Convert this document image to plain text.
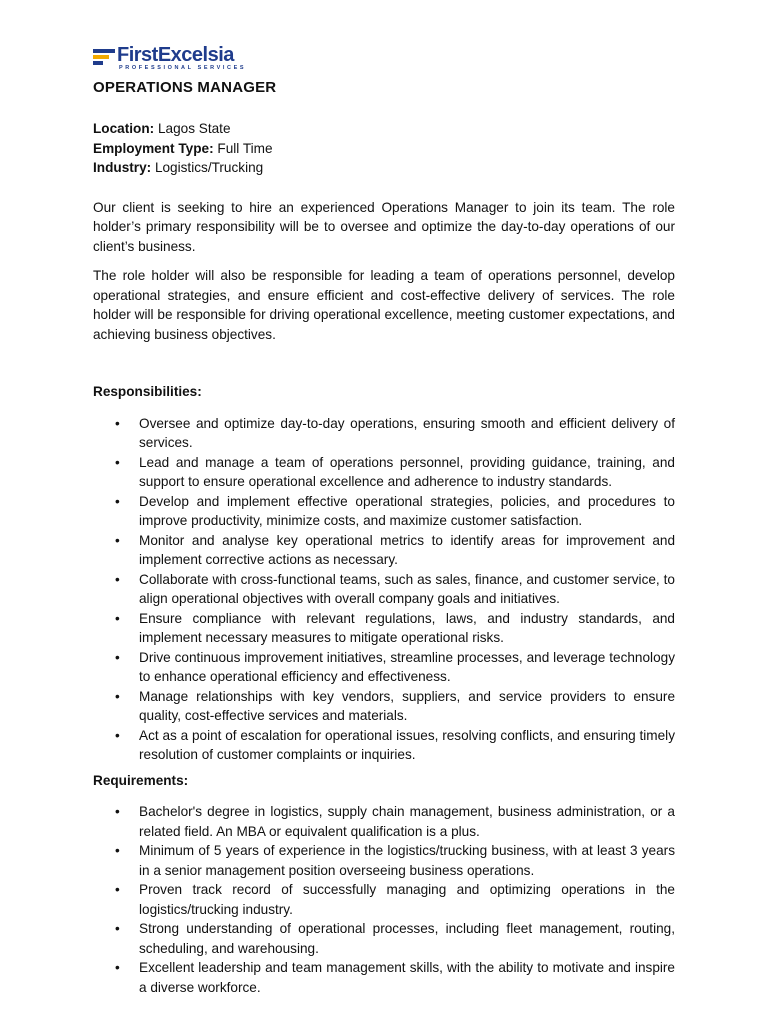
FirstExcelsia
PROFESSIONAL SERVICES
OPERATIONS MANAGER
Location: Lagos State
Employment Type: Full Time
Industry: Logistics/Trucking

Our client is seeking to hire an experienced Operations Manager to join its team. The role holder’s primary responsibility will be to oversee and optimize the day-to-day operations of our client’s business.

The role holder will also be responsible for leading a team of operations personnel, develop operational strategies, and ensure efficient and cost-effective delivery of services. The role holder will be responsible for driving operational excellence, meeting customer expectations, and achieving business objectives.

Responsibilities:
• Oversee and optimize day-to-day operations, ensuring smooth and efficient delivery of services.
• Lead and manage a team of operations personnel, providing guidance, training, and support to ensure operational excellence and adherence to industry standards.
• Develop and implement effective operational strategies, policies, and procedures to improve productivity, minimize costs, and maximize customer satisfaction.
• Monitor and analyse key operational metrics to identify areas for improvement and implement corrective actions as necessary.
• Collaborate with cross-functional teams, such as sales, finance, and customer service, to align operational objectives with overall company goals and initiatives.
• Ensure compliance with relevant regulations, laws, and industry standards, and implement necessary measures to mitigate operational risks.
• Drive continuous improvement initiatives, streamline processes, and leverage technology to enhance operational efficiency and effectiveness.
• Manage relationships with key vendors, suppliers, and service providers to ensure quality, cost-effective services and materials.
• Act as a point of escalation for operational issues, resolving conflicts, and ensuring timely resolution of customer complaints or inquiries.
Requirements:
• Bachelor's degree in logistics, supply chain management, business administration, or a related field. An MBA or equivalent qualification is a plus.
• Minimum of 5 years of experience in the logistics/trucking business, with at least 3 years in a senior management position overseeing business operations.
• Proven track record of successfully managing and optimizing operations in the logistics/trucking industry.
• Strong understanding of operational processes, including fleet management, routing, scheduling, and warehousing.
• Excellent leadership and team management skills, with the ability to motivate and inspire a diverse workforce.
